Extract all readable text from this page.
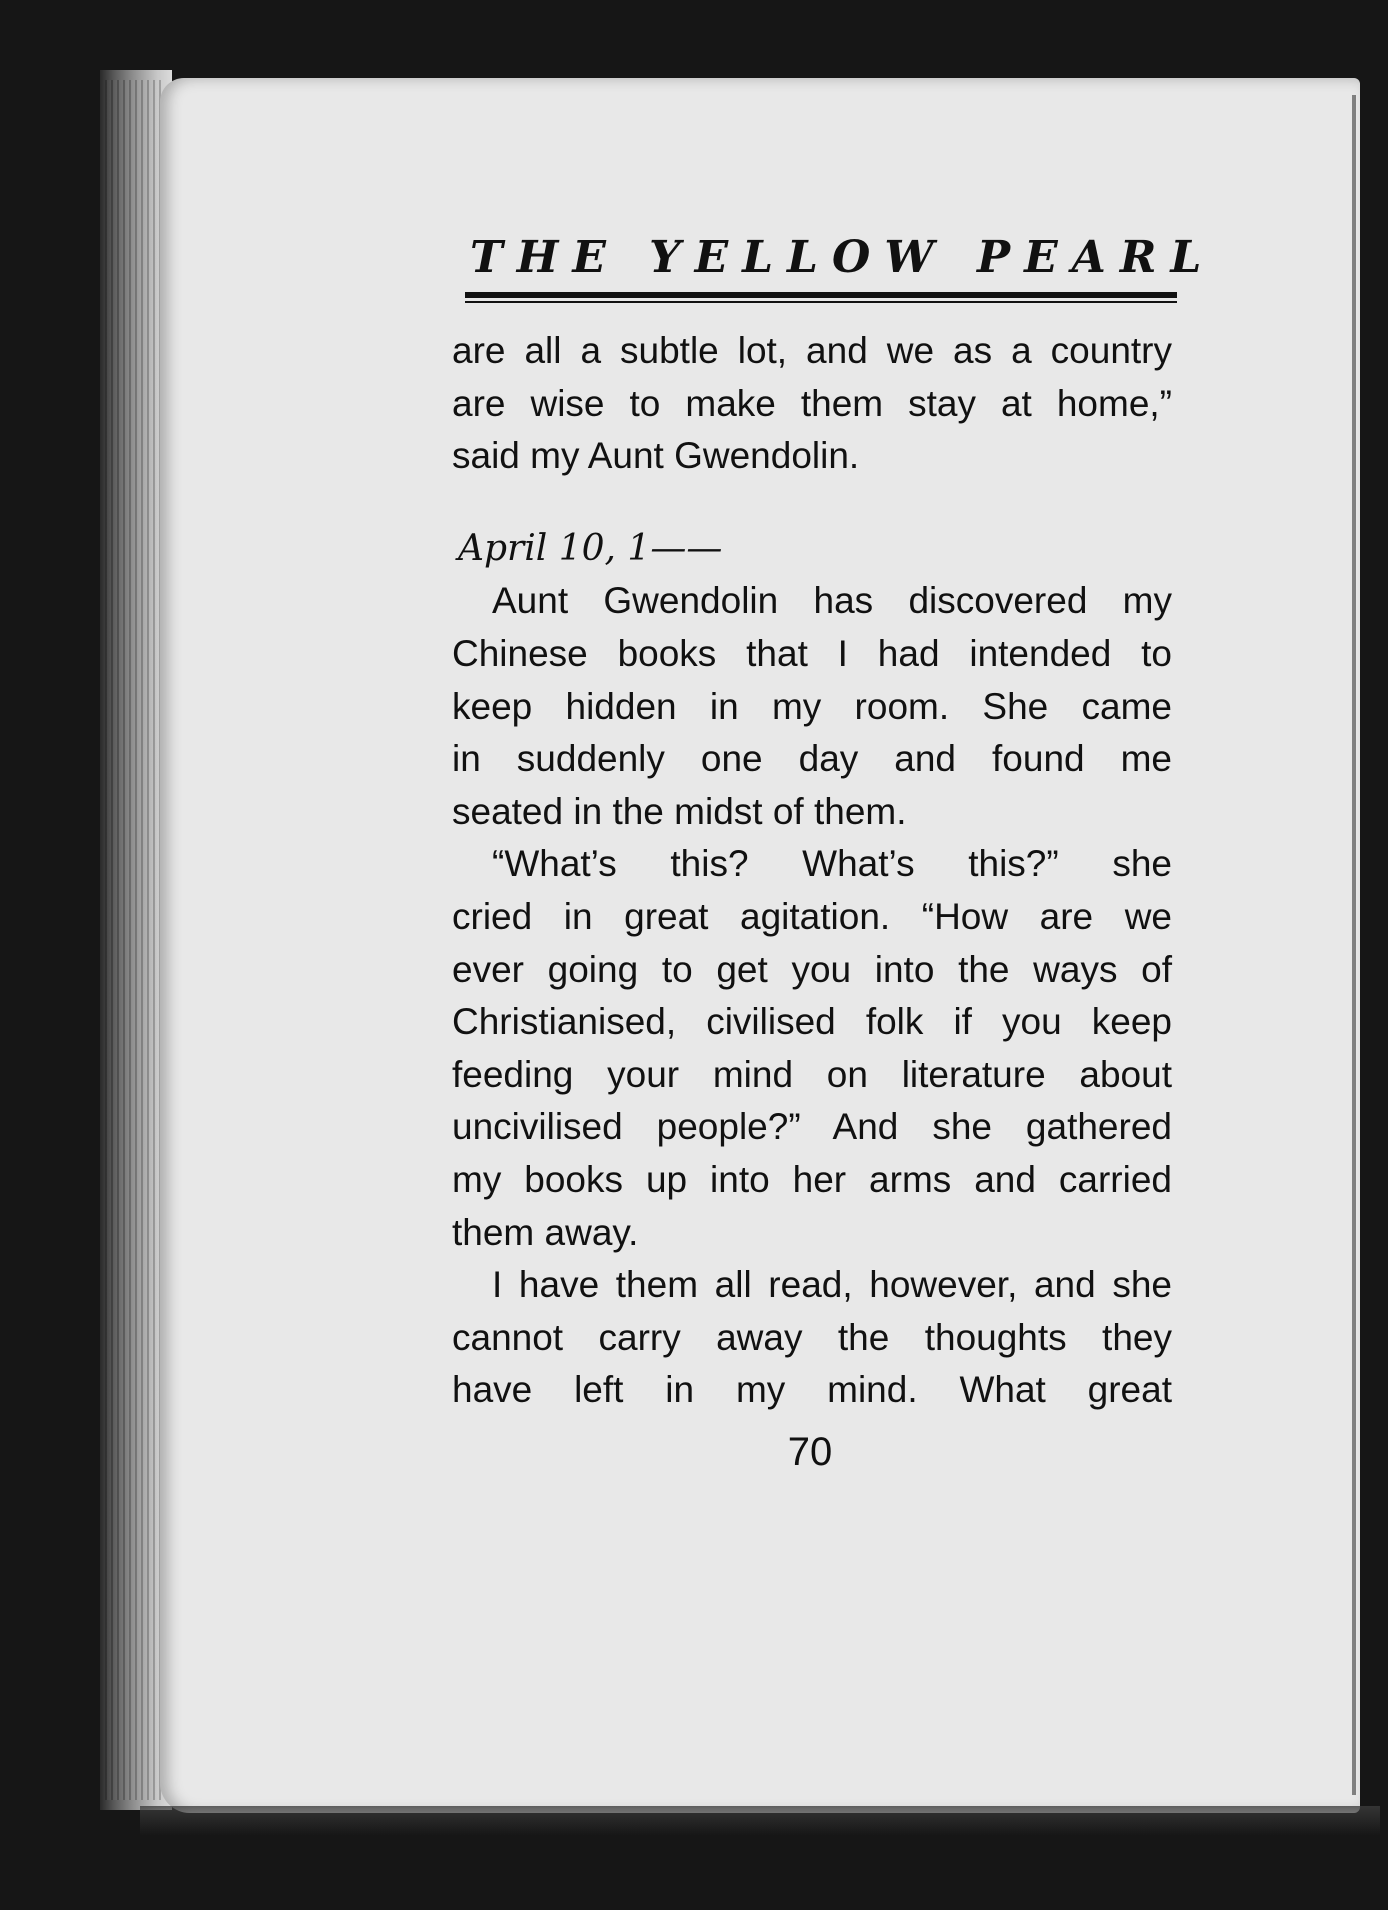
THE YELLOW PEARL
are all a subtle lot, and we as a country
are wise to make them stay at home,”
said my Aunt Gwendolin.
April 10, 1——
Aunt Gwendolin has discovered my
Chinese books that I had intended to
keep hidden in my room. She came
in suddenly one day and found me
seated in the midst of them.
“What’s this? What’s this?” she
cried in great agitation. “How are we
ever going to get you into the ways of
Christianised, civilised folk if you keep
feeding your mind on literature about
uncivilised people?” And she gathered
my books up into her arms and carried
them away.
I have them all read, however, and she
cannot carry away the thoughts they
have left in my mind. What great
70
